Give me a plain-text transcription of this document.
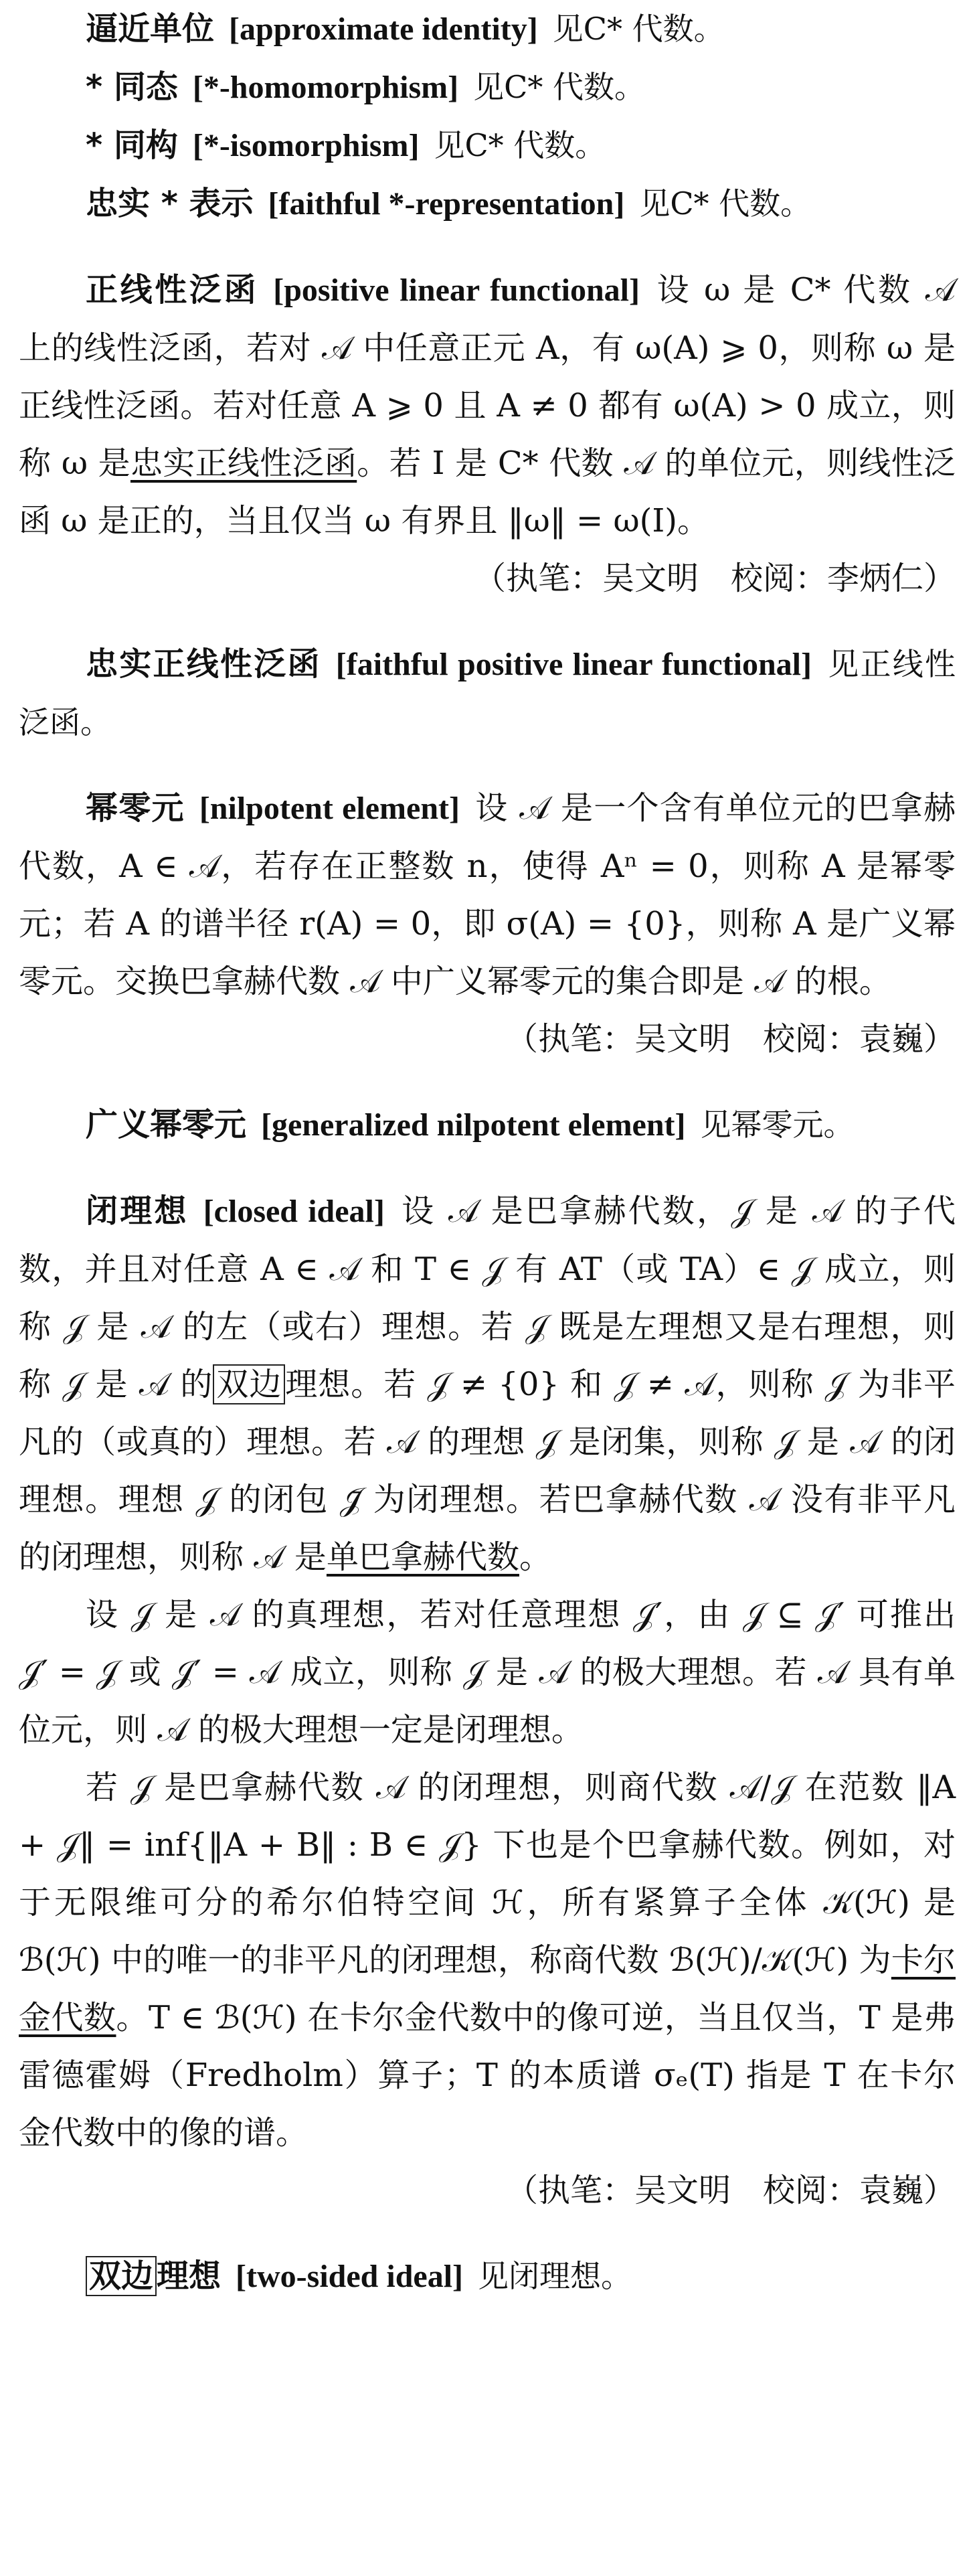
逼近单位 [approximate identity] 见C* 代数。

* 同态 [*-homomorphism] 见C* 代数。

* 同构 [*-isomorphism] 见C* 代数。

忠实 * 表示 [faithful *-representation] 见C* 代数。

正线性泛函 [positive linear functional] 设 ω 是 C* 代数 𝒜 上的线性泛函，若对 𝒜 中任意正元 A，有 ω(A) ⩾ 0，则称 ω 是正线性泛函。若对任意 A ⩾ 0 且 A ≠ 0 都有 ω(A) > 0 成立，则称 ω 是忠实正线性泛函。若 I 是 C* 代数 𝒜 的单位元，则线性泛函 ω 是正的，当且仅当 ω 有界且 ‖ω‖ = ω(I)。

（执笔：吴文明　校阅：李炳仁）

忠实正线性泛函 [faithful positive linear functional] 见正线性泛函。

幂零元 [nilpotent element] 设 𝒜 是一个含有单位元的巴拿赫代数，A ∈ 𝒜，若存在正整数 n，使得 Aⁿ = 0，则称 A 是幂零元；若 A 的谱半径 r(A) = 0，即 σ(A) = {0}，则称 A 是广义幂零元。交换巴拿赫代数 𝒜 中广义幂零元的集合即是 𝒜 的根。

（执笔：吴文明　校阅：袁巍）

广义幂零元 [generalized nilpotent element] 见幂零元。

闭理想 [closed ideal] 设 𝒜 是巴拿赫代数，𝒥 是 𝒜 的子代数，并且对任意 A ∈ 𝒜 和 T ∈ 𝒥 有 AT（或 TA）∈ 𝒥 成立，则称 𝒥 是 𝒜 的左（或右）理想。若 𝒥 既是左理想又是右理想，则称 𝒥 是 𝒜 的 双边 理想。若 𝒥 ≠ {0} 和 𝒥 ≠ 𝒜，则称 𝒥 为非平凡的（或真的）理想。若 𝒜 的理想 𝒥 是闭集，则称 𝒥 是 𝒜 的闭理想。理想 𝒥 的闭包 𝒥̄ 为闭理想。若巴拿赫代数 𝒜 没有非平凡的闭理想，则称 𝒜 是单巴拿赫代数。

设 𝒥 是 𝒜 的真理想，若对任意理想 𝒥′，由 𝒥 ⊆ 𝒥′ 可推出 𝒥′ = 𝒥 或 𝒥′ = 𝒜 成立，则称 𝒥 是 𝒜 的极大理想。若 𝒜 具有单位元，则 𝒜 的极大理想一定是闭理想。

若 𝒥 是巴拿赫代数 𝒜 的闭理想，则商代数 𝒜/𝒥 在范数 ‖A + 𝒥‖ = inf{‖A + B‖ : B ∈ 𝒥} 下也是个巴拿赫代数。例如，对于无限维可分的希尔伯特空间 ℋ，所有紧算子全体 𝒦(ℋ) 是 ℬ(ℋ) 中的唯一的非平凡的闭理想，称商代数 ℬ(ℋ)/𝒦(ℋ) 为卡尔金代数。T ∈ ℬ(ℋ) 在卡尔金代数中的像可逆，当且仅当，T 是弗雷德霍姆（Fredholm）算子；T 的本质谱 σₑ(T) 指是 T 在卡尔金代数中的像的谱。

（执笔：吴文明　校阅：袁巍）

双边 理想 [two-sided ideal] 见闭理想。
